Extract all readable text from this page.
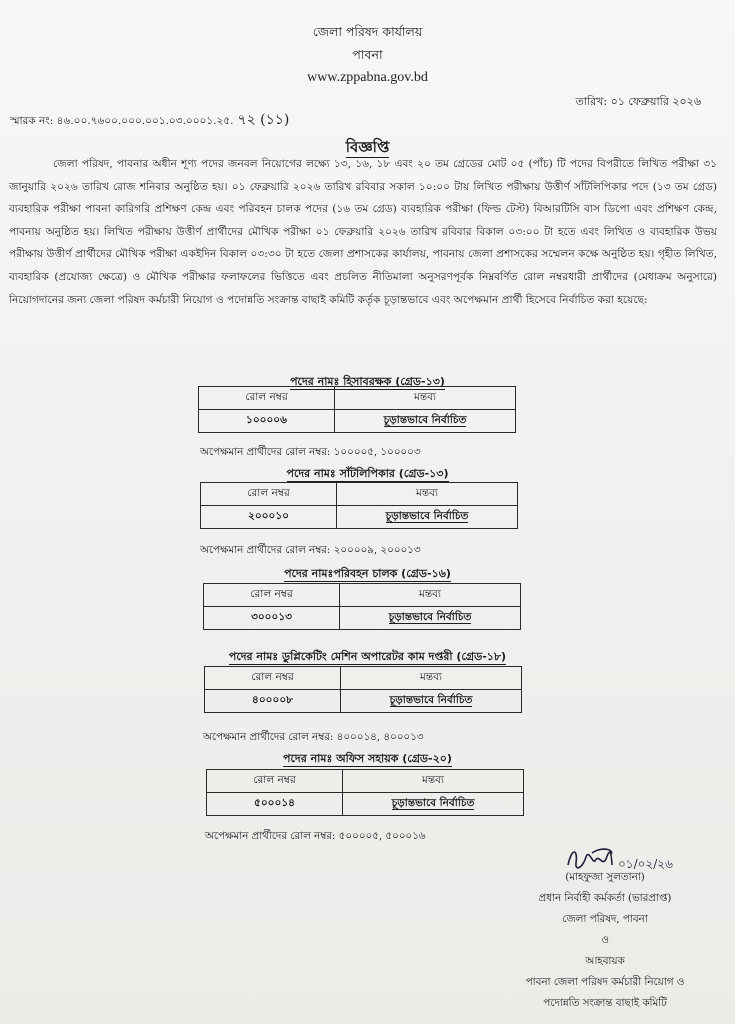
জেলা পরিষদ কার্যালয়
পাবনা
www.zppabna.gov.bd
তারিখ: ০১ ফেব্রুয়ারি ২০২৬
স্মারক নং: ৪৬.০০.৭৬০০.০০০.০০১.০৩.০০০১.২৫. ৭২ (১১)
বিজ্ঞপ্তি
জেলা পরিষদ, পাবনার অধীন শূণ্য পদের জনবল নিয়োগের লক্ষ্যে ১৩, ১৬, ১৮ এবং ২০ তম গ্রেডের মোট ০৫ (পাঁচ) টি পদের বিপরীতে লিখিত পরীক্ষা ৩১ জানুয়ারি ২০২৬ তারিখ রোজ শনিবার অনুষ্ঠিত হয়। ০১ ফেব্রুয়ারি ২০২৬ তারিখ রবিবার সকাল ১০:০০ টায় লিখিত পরীক্ষায় উত্তীর্ণ সাঁটলিপিকার পদে (১৩ তম গ্রেড) ব্যবহারিক পরীক্ষা পাবনা কারিগরি প্রশিক্ষণ কেন্দ্র এবং পরিবহন চালক পদের (১৬ তম গ্রেড) ব্যবহারিক পরীক্ষা (ফিল্ড টেস্ট) বিআরটিসি বাস ডিপো এবং প্রশিক্ষণ কেন্দ্র, পাবনায় অনুষ্ঠিত হয়। লিখিত পরীক্ষায় উত্তীর্ণ প্রার্থীদের মৌখিক পরীক্ষা ০১ ফেব্রুয়ারি ২০২৬ তারিখ রবিবার বিকাল ০৩:০০ টা হতে এবং লিখিত ও ব্যবহারিক উভয় পরীক্ষায় উত্তীর্ণ প্রার্থীদের মৌখিক পরীক্ষা একইদিন বিকাল ০৩:৩০ টা হতে জেলা প্রশাসকের কার্যালয়, পাবনায় জেলা প্রশাসকের সম্মেলন কক্ষে অনুষ্ঠিত হয়। গৃহীত লিখিত, ব্যবহারিক (প্রযোজ্য ক্ষেত্রে) ও মৌখিক পরীক্ষার ফলাফলের ভিত্তিতে এবং প্রচলিত নীতিমালা অনুসরণপূর্বক নিম্নবর্ণিত রোল নম্বরধারী প্রার্থীদের (মেধাক্রম অনুসারে) নিয়োগদানের জন্য জেলা পরিষদ কর্মচারী নিয়োগ ও পদোন্নতি সংক্রান্ত বাছাই কমিটি কর্তৃক চূড়ান্তভাবে এবং অপেক্ষমান প্রার্থী হিসেবে নির্বাচিত করা হয়েছে:
পদের নামঃ হিসাবরক্ষক (গ্রেড-১৩)
রোল নম্বর	মন্তব্য
১০০০০৬	চূড়ান্তভাবে নির্বাচিত
অপেক্ষমান প্রার্থীদের রোল নম্বর: ১০০০০৫, ১০০০০৩
পদের নামঃ সাঁটলিপিকার (গ্রেড-১৩)
রোল নম্বর	মন্তব্য
২০০০১০	চূড়ান্তভাবে নির্বাচিত
অপেক্ষমান প্রার্থীদের রোল নম্বর: ২০০০০৯, ২০০০১৩
পদের নামঃপরিবহন চালক (গ্রেড-১৬)
রোল নম্বর	মন্তব্য
৩০০০১৩	চূড়ান্তভাবে নির্বাচিত
পদের নামঃ ডুপ্লিকেটিং মেশিন অপারেটর কাম দপ্তরী (গ্রেড-১৮)
রোল নম্বর	মন্তব্য
৪০০০০৮	চূড়ান্তভাবে নির্বাচিত
অপেক্ষমান প্রার্থীদের রোল নম্বর: ৪০০০১৪, ৪০০০১৩
পদের নামঃ অফিস সহায়ক (গ্রেড-২০)
রোল নম্বর	মন্তব্য
৫০০০১৪	চূড়ান্তভাবে নির্বাচিত
অপেক্ষমান প্রার্থীদের রোল নম্বর: ৫০০০০৫, ৫০০০১৬
০১/০২/২৬
(মাহফুজা সুলতানা)
প্রধান নির্বাহী কর্মকর্তা (ভারপ্রাপ্ত)
জেলা পরিষদ, পাবনা
ও
আহবায়ক
পাবনা জেলা পরিষদ কর্মচারী নিয়োগ ও
পদোন্নতি সংক্রান্ত বাছাই কমিটি
